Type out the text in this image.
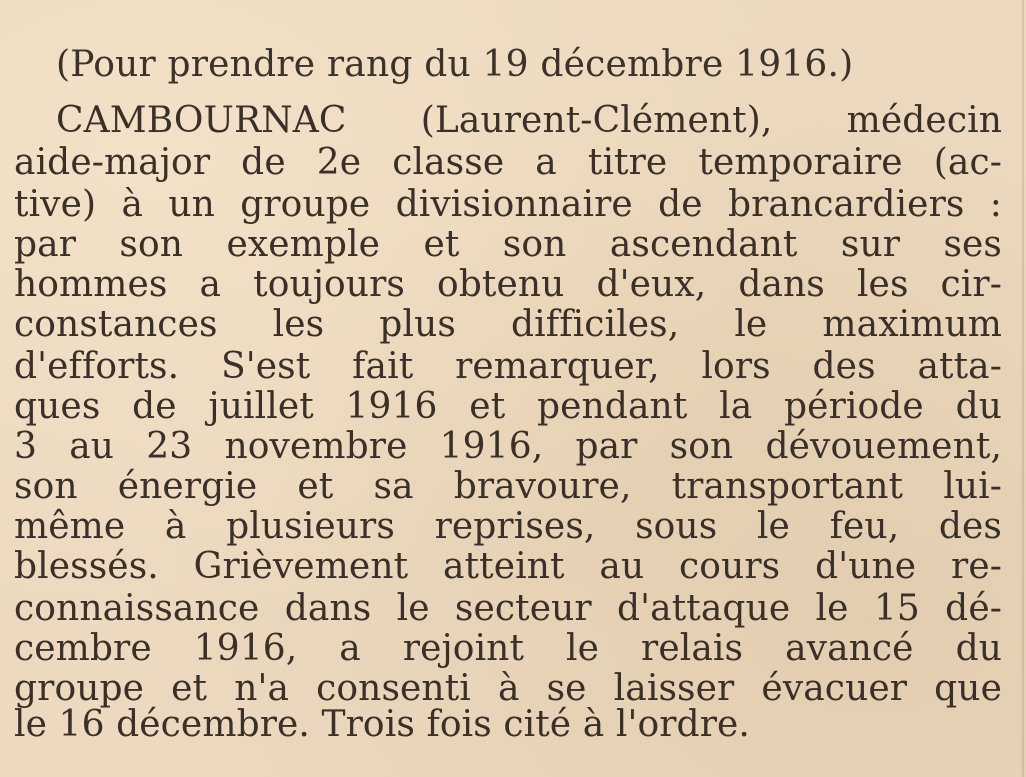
(Pour prendre rang du 19 décembre 1916.)
CAMBOURNAC (Laurent-Clément), médecin
aide-major de 2e classe a titre temporaire (ac-
tive) à un groupe divisionnaire de brancardiers :
par son exemple et son ascendant sur ses
hommes a toujours obtenu d'eux, dans les cir-
constances les plus difficiles, le maximum
d'efforts. S'est fait remarquer, lors des atta-
ques de juillet 1916 et pendant la période du
3 au 23 novembre 1916, par son dévouement,
son énergie et sa bravoure, transportant lui-
même à plusieurs reprises, sous le feu, des
blessés. Grièvement atteint au cours d'une re-
connaissance dans le secteur d'attaque le 15 dé-
cembre 1916, a rejoint le relais avancé du
groupe et n'a consenti à se laisser évacuer que
le 16 décembre. Trois fois cité à l'ordre.
